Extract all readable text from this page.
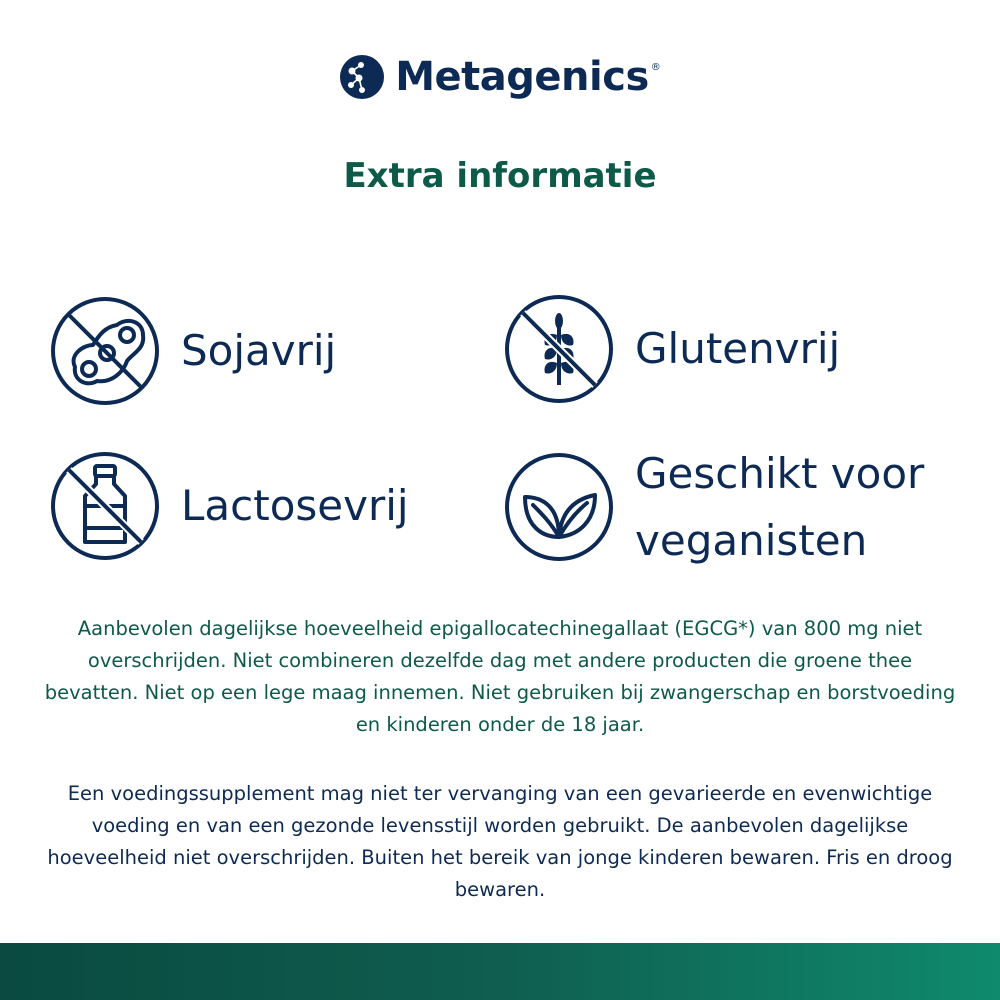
Metagenics ®
Extra informatie
Sojavrij	Glutenvrij
Lactosevrij
Geschikt voor
veganisten
Aanbevolen dagelijkse hoeveelheid epigallocatechinegallaat (EGCG*) van 800 mg niet overschrijden. Niet combineren dezelfde dag met andere producten die groene thee bevatten. Niet op een lege maag innemen. Niet gebruiken bij zwangerschap en borstvoeding en kinderen onder de 18 jaar.
Een voedingssupplement mag niet ter vervanging van een gevarieerde en evenwichtige voeding en van een gezonde levensstijl worden gebruikt. De aanbevolen dagelijkse hoeveelheid niet overschrijden. Buiten het bereik van jonge kinderen bewaren. Fris en droog bewaren.
